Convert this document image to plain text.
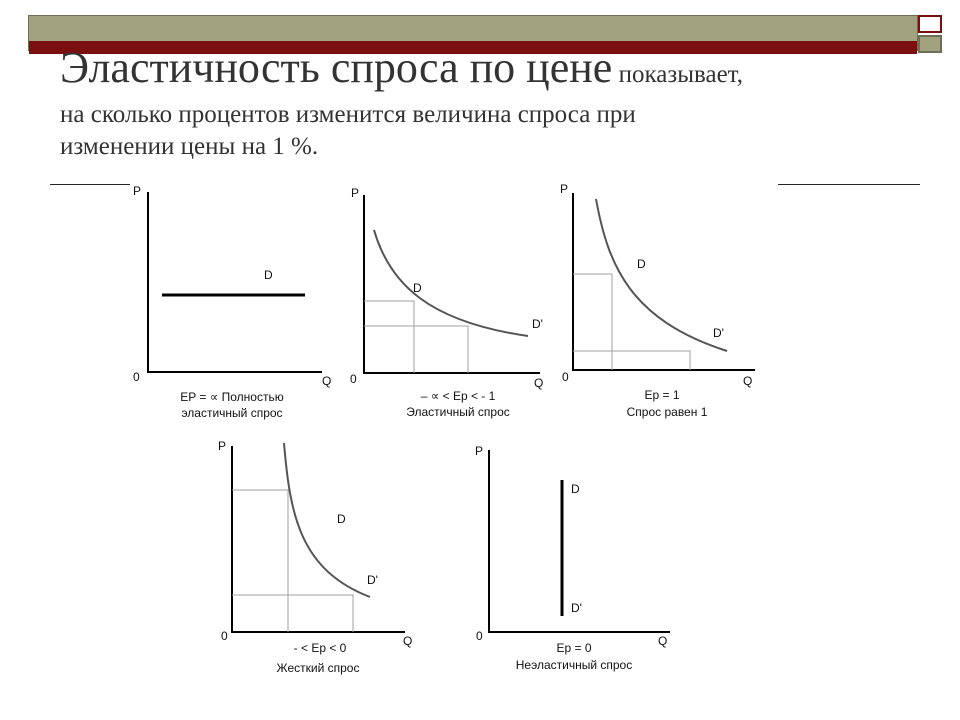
Эластичность спроса по цене показывает,
на сколько процентов изменится величина спроса при
изменении цены на 1 %.
P
Q
0
D
EP = ∝ Полностью
эластичный спрос
P
Q
0
D
D'
– ∝ < Eр < - 1
Эластичный спрос
P
Q
0
D
D'
Eр = 1
Спрос равен 1
P
Q
0
D
D'
- < Eр < 0
Жесткий спрос
P
Q
0
D
D'
Eр = 0
Неэластичный спрос
